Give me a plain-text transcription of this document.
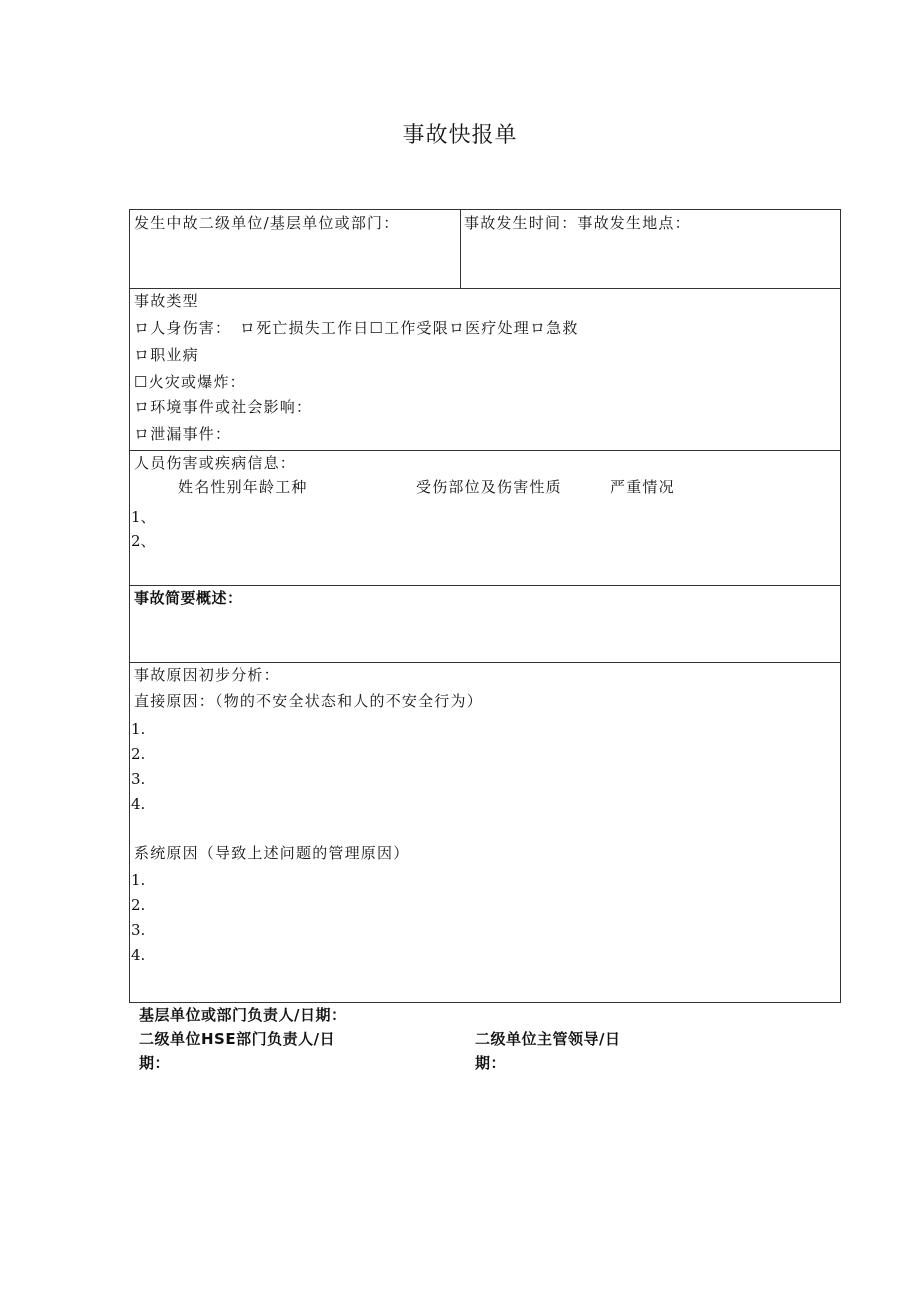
事故快报单
发生中故二级单位/基层单位或部门：	事故发生时间：事故发生地点：
事故类型
ロ人身伤害：　ロ死亡损失工作日☐工作受限ロ医疗处理ロ急救
ロ职业病
☐火灾或爆炸：
ロ环境事件或社会影响：
ロ泄漏事件：
人员伤害或疾病信息：
姓名性别年龄工种	受伤部位及伤害性质	严重情况
1、
2、
事故简要概述：
事故原因初步分析：
直接原因：（物的不安全状态和人的不安全行为）
1.
2.
3.
4.
系统原因（导致上述问题的管理原因）
1.
2.
3.
4.
基层单位或部门负责人/日期：
二级单位HSE部门负责人/日
期：
二级单位主管领导/日
期：
